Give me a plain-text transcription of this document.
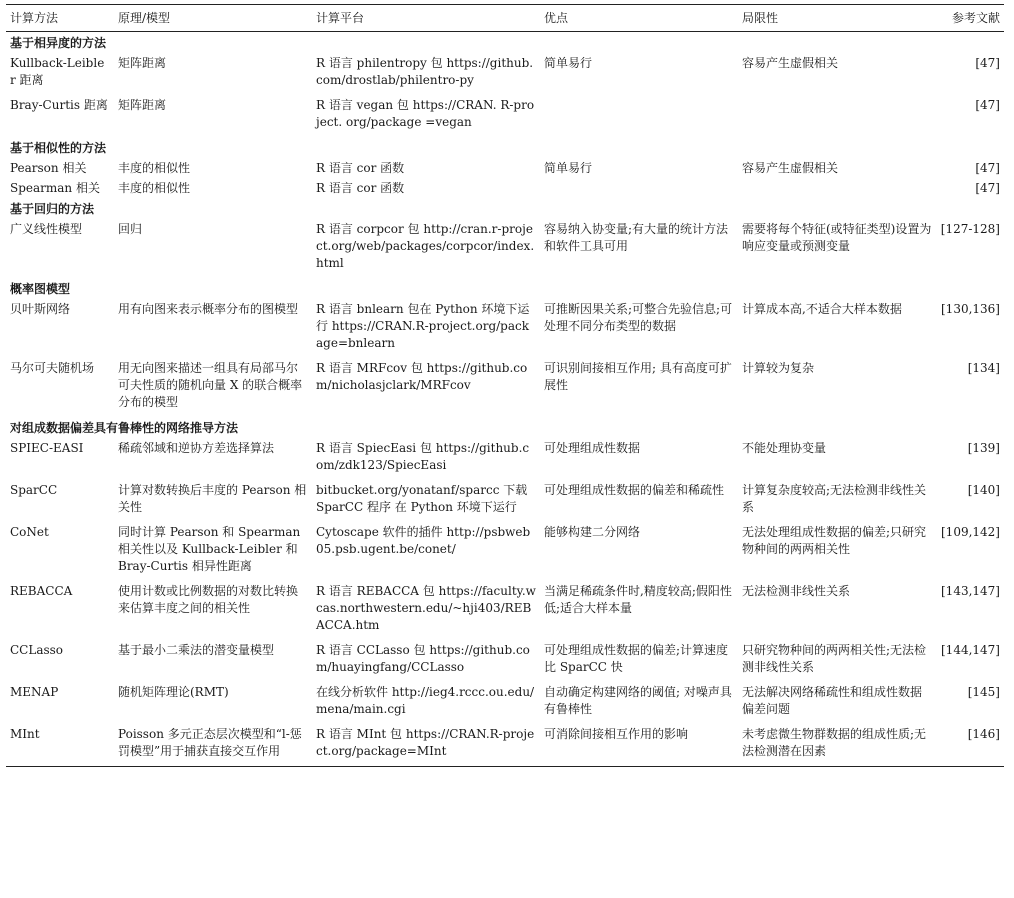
计算方法	原理/模型	计算平台	优点	局限性	参考文献
基于相异度的方法					
Kullback-Leibler 距离	矩阵距离	R 语言 philentropy 包 https://github. com/drostlab/philentro-py	简单易行	容易产生虚假相关	[47]
Bray-Curtis 距离	矩阵距离	R 语言 vegan 包 https://CRAN. R-project. org/package =vegan			[47]
基于相似性的方法					
Pearson 相关	丰度的相似性	R 语言 cor 函数	简单易行	容易产生虚假相关	[47]
Spearman 相关	丰度的相似性	R 语言 cor 函数			[47]
基于回归的方法					
广义线性模型	回归	R 语言 corpcor 包 http://cran.r-project.org/web/packages/corpcor/index.html	容易纳入协变量;有大量的统计方法和软件工具可用	需要将每个特征(或特征类型)设置为响应变量或预测变量	[127-128]
概率图模型					
贝叶斯网络	用有向图来表示概率分布的图模型	R 语言 bnlearn 包在 Python 环境下运行 https://CRAN.R-project.org/package=bnlearn	可推断因果关系;可整合先验信息;可处理不同分布类型的数据	计算成本高,不适合大样本数据	[130,136]
马尔可夫随机场	用无向图来描述一组具有局部马尔可夫性质的随机向量 X 的联合概率分布的模型	R 语言 MRFcov 包 https://github.com/nicholasjclark/MRFcov	可识别间接相互作用; 具有高度可扩展性	计算较为复杂	[134]
对组成数据偏差具有鲁棒性的网络推导方法					
SPIEC-EASI	稀疏邻域和逆协方差选择算法	R 语言 SpiecEasi 包 https://github.com/zdk123/SpiecEasi	可处理组成性数据	不能处理协变量	[139]
SparCC	计算对数转换后丰度的 Pearson 相关性	bitbucket.org/yonatanf/sparcc 下载 SparCC 程序 在 Python 环境下运行	可处理组成性数据的偏差和稀疏性	计算复杂度较高;无法检测非线性关系	[140]
CoNet	同时计算 Pearson 和 Spearman 相关性以及 Kullback-Leibler 和 Bray-Curtis 相异性距离	Cytoscape 软件的插件 http://psbweb05.psb.ugent.be/conet/	能够构建二分网络	无法处理组成性数据的偏差;只研究物种间的两两相关性	[109,142]
REBACCA	使用计数或比例数据的对数比转换来估算丰度之间的相关性	R 语言 REBACCA 包 https://faculty.wcas.northwestern.edu/~hji403/REBACCA.htm	当满足稀疏条件时,精度较高;假阳性低;适合大样本量	无法检测非线性关系	[143,147]
CCLasso	基于最小二乘法的潜变量模型	R 语言 CCLasso 包 https://github.com/huayingfang/CCLasso	可处理组成性数据的偏差;计算速度比 SparCC 快	只研究物种间的两两相关性;无法检测非线性关系	[144,147]
MENAP	随机矩阵理论(RMT)	在线分析软件 http://ieg4.rccc.ou.edu/mena/main.cgi	自动确定构建网络的阈值; 对噪声具有鲁棒性	无法解决网络稀疏性和组成性数据偏差问题	[145]
MInt	Poisson 多元正态层次模型和“l-惩罚模型”用于捕获直接交互作用	R 语言 MInt 包 https://CRAN.R-project.org/package=MInt	可消除间接相互作用的影响	未考虑微生物群数据的组成性质;无法检测潜在因素	[146]
